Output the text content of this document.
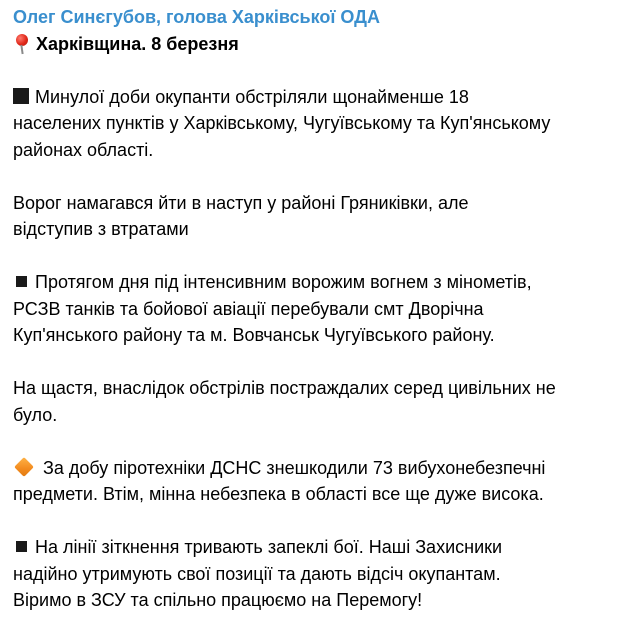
Олег Синєгубов, голова Харківської ОДА
Харківщина. 8 березня

Минулої доби окупанти обстріляли щонайменше 18
населених пунктів у Харківському, Чугуївському та Куп'янському
районах області.

Ворог намагався йти в наступ у районі Гряниківки, але
відступив з втратами

Протягом дня під інтенсивним ворожим вогнем з мінометів,
РСЗВ танків та бойової авіації перебували смт Дворічна
Куп'янського району та м. Вовчанськ Чугуївського району.

На щастя, внаслідок обстрілів постраждалих серед цивільних не
було.

За добу піротехніки ДСНС знешкодили 73 вибухонебезпечні
предмети. Втім, мінна небезпека в області все ще дуже висока.

На лінії зіткнення тривають запеклі бої. Наші Захисники
надійно утримують свої позиції та дають відсіч окупантам.
Віримо в ЗСУ та спільно працюємо на Перемогу!
